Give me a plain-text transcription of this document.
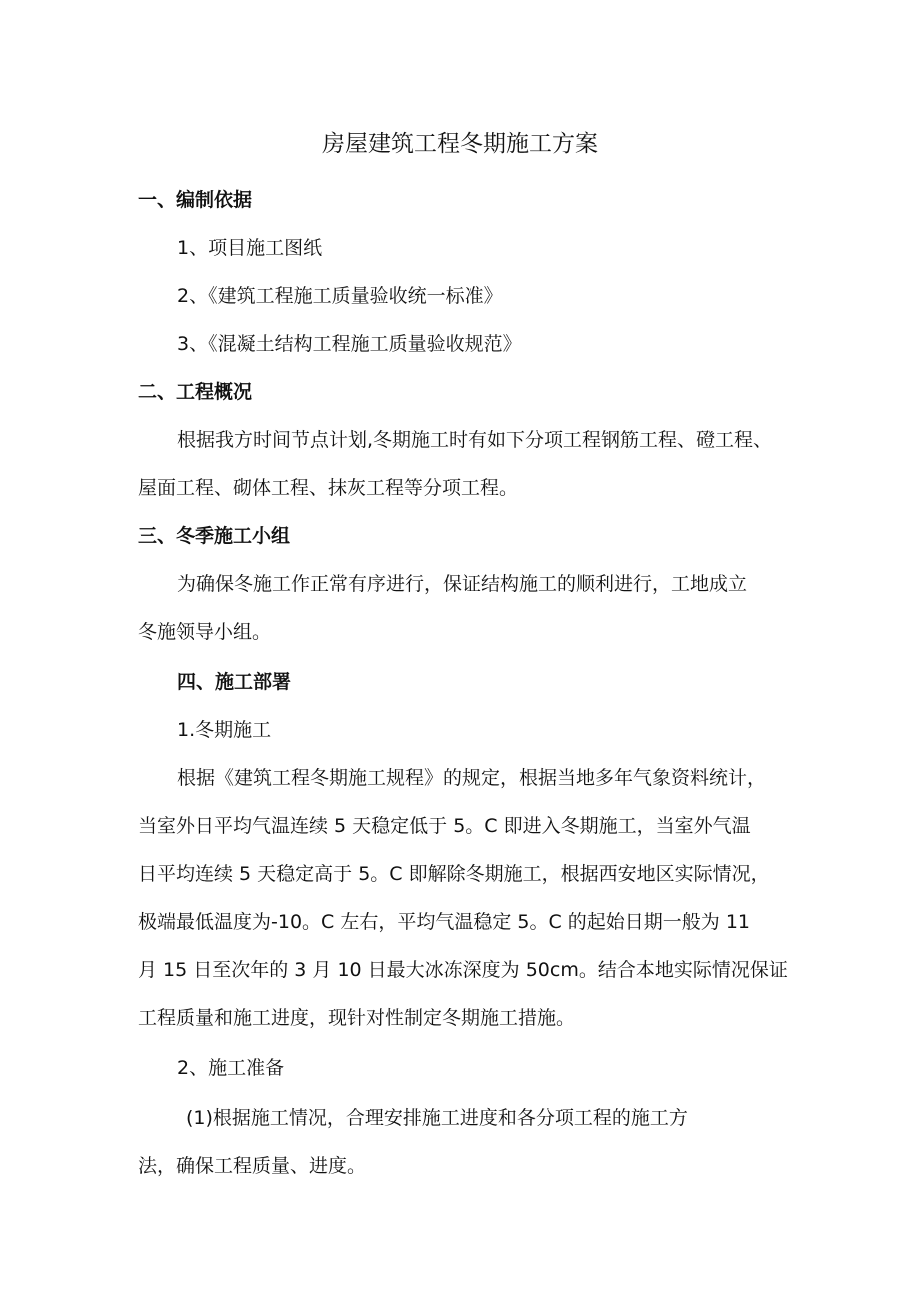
房屋建筑工程冬期施工方案
一、编制依据
1、项目施工图纸
2、《建筑工程施工质量验收统一标准》
3、《混凝土结构工程施工质量验收规范》
二、工程概况
根据我方时间节点计划,冬期施工时有如下分项工程钢筋工程、磴工程、
屋面工程、砌体工程、抹灰工程等分项工程。
三、冬季施工小组
为确保冬施工作正常有序进行，保证结构施工的顺利进行，工地成立
冬施领导小组。
四、施工部署
1.冬期施工
根据《建筑工程冬期施工规程》的规定，根据当地多年气象资料统计，
当室外日平均气温连续 5 天稳定低于 5。C 即进入冬期施工，当室外气温
日平均连续 5 天稳定高于 5。C 即解除冬期施工，根据西安地区实际情况，
极端最低温度为-10。C 左右，平均气温稳定 5。C 的起始日期一般为 11
月 15 日至次年的 3 月 10 日最大冰冻深度为 50cm。结合本地实际情况保证
工程质量和施工进度，现针对性制定冬期施工措施。
2、施工准备
(1)根据施工情况，合理安排施工进度和各分项工程的施工方
法，确保工程质量、进度。
